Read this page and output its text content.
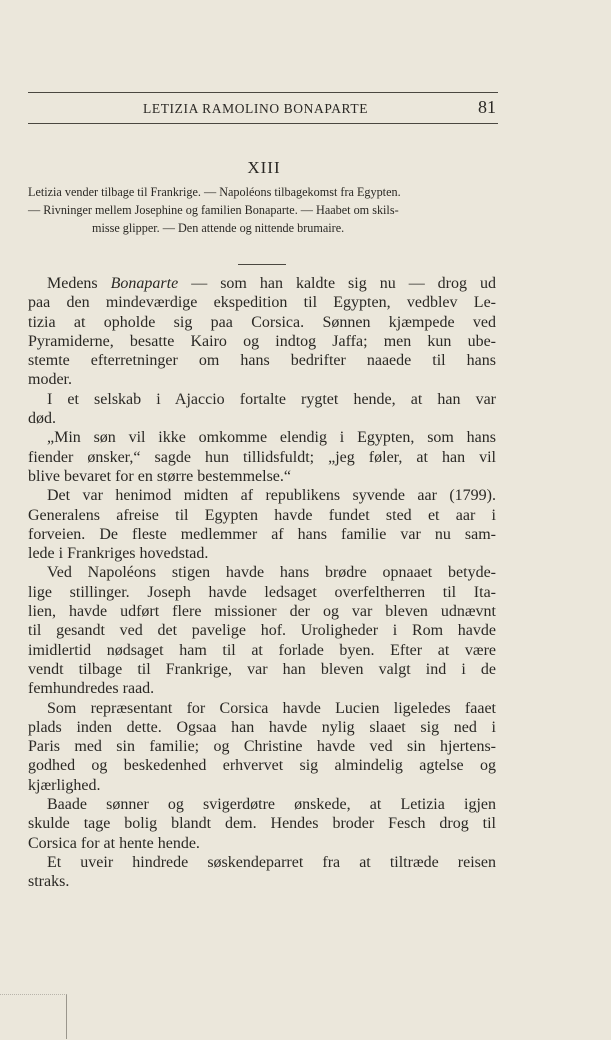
LETIZIA RAMOLINO BONAPARTE	81
XIII
Letizia vender tilbage til Frankrige. — Napoléons tilbagekomst fra Egypten.
— Rivninger mellem Josephine og familien Bonaparte. — Haabet om skils-
misse glipper. — Den attende og nittende brumaire.
Medens Bonaparte — som han kaldte sig nu — drog ud
paa den mindeværdige ekspedition til Egypten, vedblev Le-
tizia at opholde sig paa Corsica. Sønnen kjæmpede ved
Pyramiderne, besatte Kairo og indtog Jaffa; men kun ube-
stemte efterretninger om hans bedrifter naaede til hans
moder.
I et selskab i Ajaccio fortalte rygtet hende, at han var
død.
„Min søn vil ikke omkomme elendig i Egypten, som hans
fiender ønsker,“ sagde hun tillidsfuldt; „jeg føler, at han vil
blive bevaret for en større bestemmelse.“
Det var henimod midten af republikens syvende aar (1799).
Generalens afreise til Egypten havde fundet sted et aar i
forveien. De fleste medlemmer af hans familie var nu sam-
lede i Frankriges hovedstad.
Ved Napoléons stigen havde hans brødre opnaaet betyde-
lige stillinger. Joseph havde ledsaget overfeltherren til Ita-
lien, havde udført flere missioner der og var bleven udnævnt
til gesandt ved det pavelige hof. Uroligheder i Rom havde
imidlertid nødsaget ham til at forlade byen. Efter at være
vendt tilbage til Frankrige, var han bleven valgt ind i de
femhundredes raad.
Som repræsentant for Corsica havde Lucien ligeledes faaet
plads inden dette. Ogsaa han havde nylig slaaet sig ned i
Paris med sin familie; og Christine havde ved sin hjertens-
godhed og beskedenhed erhvervet sig almindelig agtelse og
kjærlighed.
Baade sønner og svigerdøtre ønskede, at Letizia igjen
skulde tage bolig blandt dem. Hendes broder Fesch drog til
Corsica for at hente hende.
Et uveir hindrede søskendeparret fra at tiltræde reisen
straks.
